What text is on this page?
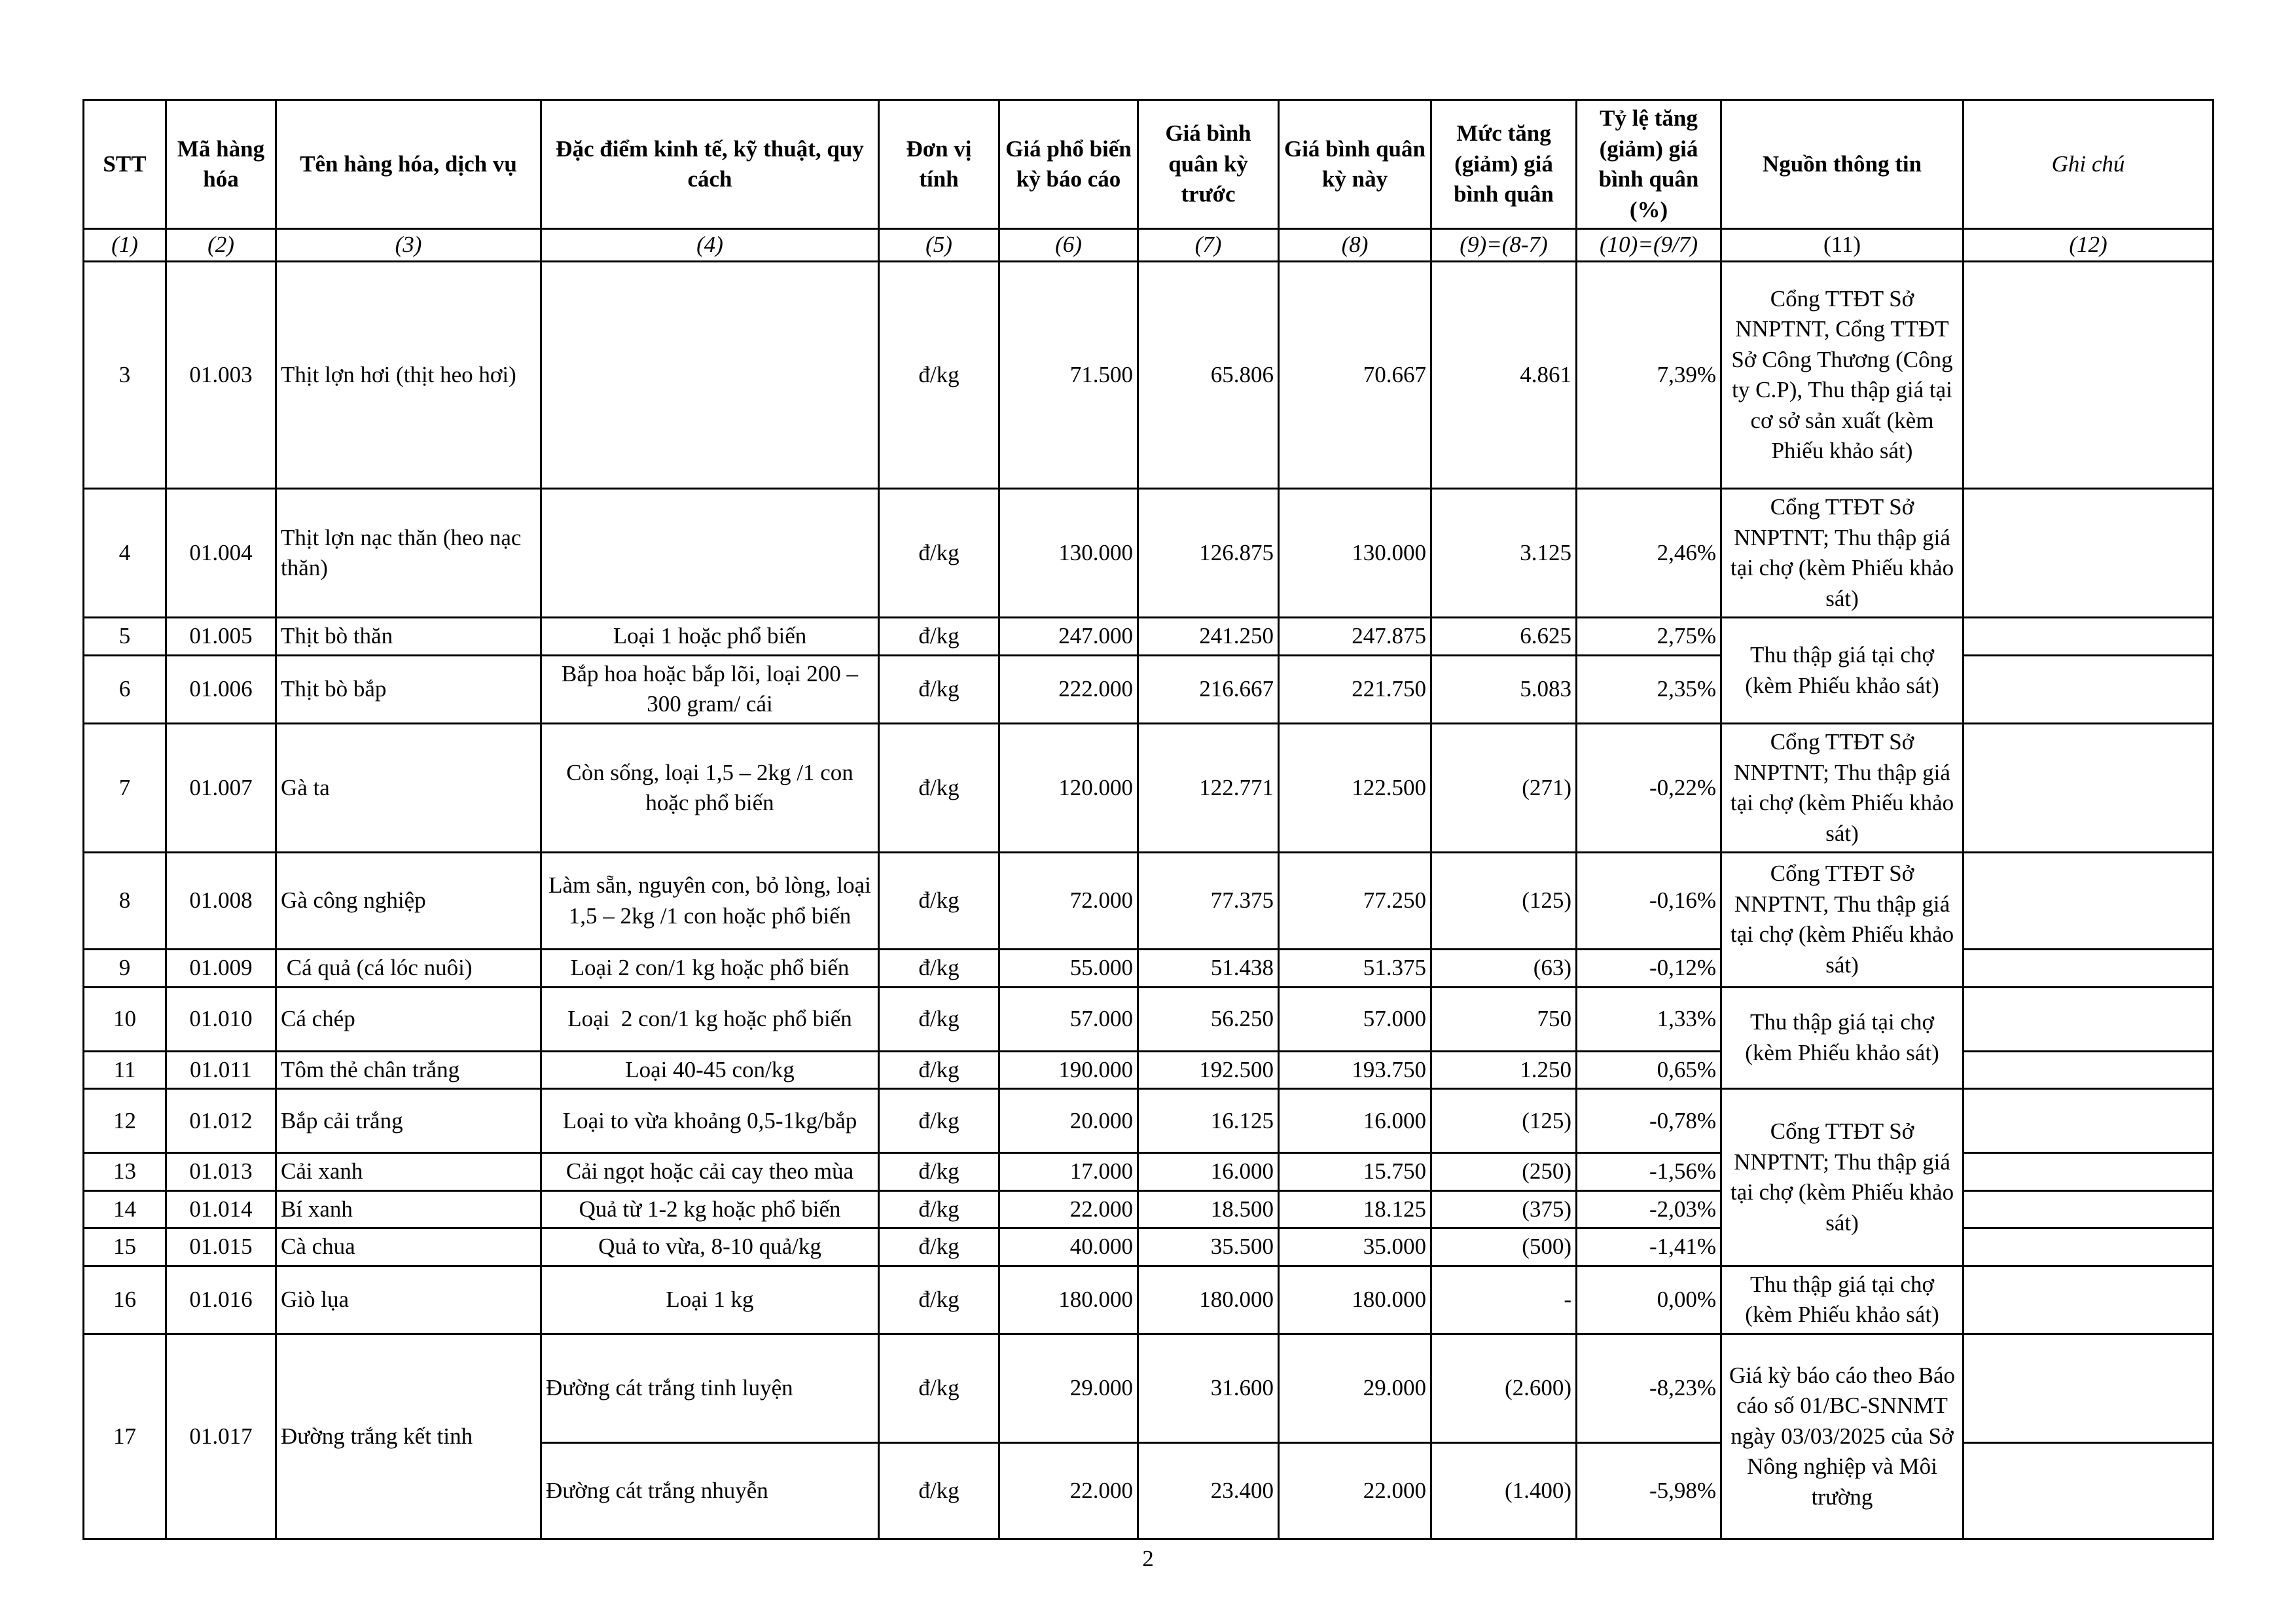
STT	Mã hàng hóa	Tên hàng hóa, dịch vụ	Đặc điểm kinh tế, kỹ thuật, quy cách	Đơn vị tính	Giá phổ biến kỳ báo cáo	Giá bình quân kỳ trước	Giá bình quân kỳ này	Mức tăng (giảm) giá bình quân	Tỷ lệ tăng (giảm) giá bình quân (%)	Nguồn thông tin	Ghi chú
(1)	(2)	(3)	(4)	(5)	(6)	(7)	(8)	(9)=(8-7)	(10)=(9/7)	(11)	(12)
3	01.003	Thịt lợn hơi (thịt heo hơi)		đ/kg	71.500	65.806	70.667	4.861	7,39%	Cổng TTĐT Sở NNPTNT, Cổng TTĐT Sở Công Thương (Công ty C.P), Thu thập giá tại cơ sở sản xuất (kèm Phiếu khảo sát)	
4	01.004	Thịt lợn nạc thăn (heo nạc thăn)		đ/kg	130.000	126.875	130.000	3.125	2,46%	Cổng TTĐT Sở NNPTNT; Thu thập giá tại chợ (kèm Phiếu khảo sát)	
5	01.005	Thịt bò thăn	Loại 1 hoặc phổ biến	đ/kg	247.000	241.250	247.875	6.625	2,75%	Thu thập giá tại chợ (kèm Phiếu khảo sát)	
6	01.006	Thịt bò bắp	Bắp hoa hoặc bắp lõi, loại 200 – 300 gram/ cái	đ/kg	222.000	216.667	221.750	5.083	2,35%		
7	01.007	Gà ta	Còn sống, loại 1,5 – 2kg /1 con hoặc phổ biến	đ/kg	120.000	122.771	122.500	(271)	-0,22%	Cổng TTĐT Sở NNPTNT; Thu thập giá tại chợ (kèm Phiếu khảo sát)	
8	01.008	Gà công nghiệp	Làm sẵn, nguyên con, bỏ lòng, loại 1,5 – 2kg /1 con hoặc phổ biến	đ/kg	72.000	77.375	77.250	(125)	-0,16%	Cổng TTĐT Sở NNPTNT, Thu thập giá tại chợ (kèm Phiếu khảo sát)	
9	01.009	Cá quả (cá lóc nuôi)	Loại 2 con/1 kg hoặc phổ biến	đ/kg	55.000	51.438	51.375	(63)	-0,12%		
10	01.010	Cá chép	Loại  2 con/1 kg hoặc phổ biến	đ/kg	57.000	56.250	57.000	750	1,33%	Thu thập giá tại chợ (kèm Phiếu khảo sát)	
11	01.011	Tôm thẻ chân trắng	Loại 40-45 con/kg	đ/kg	190.000	192.500	193.750	1.250	0,65%		
12	01.012	Bắp cải trắng	Loại to vừa khoảng 0,5-1kg/bắp	đ/kg	20.000	16.125	16.000	(125)	-0,78%	Cổng TTĐT Sở NNPTNT; Thu thập giá tại chợ (kèm Phiếu khảo sát)	
13	01.013	Cải xanh	Cải ngọt hoặc cải cay theo mùa	đ/kg	17.000	16.000	15.750	(250)	-1,56%		
14	01.014	Bí xanh	Quả từ 1-2 kg hoặc phổ biến	đ/kg	22.000	18.500	18.125	(375)	-2,03%		
15	01.015	Cà chua	Quả to vừa, 8-10 quả/kg	đ/kg	40.000	35.500	35.000	(500)	-1,41%		
16	01.016	Giò lụa	Loại 1 kg	đ/kg	180.000	180.000	180.000	-	0,00%	Thu thập giá tại chợ (kèm Phiếu khảo sát)	
17	01.017	Đường trắng kết tinh	Đường cát trắng tinh luyện	đ/kg	29.000	31.600	29.000	(2.600)	-8,23%	Giá kỳ báo cáo theo Báo cáo số 01/BC-SNNMT ngày 03/03/2025 của Sở Nông nghiệp và Môi trường	
			Đường cát trắng nhuyễn	đ/kg	22.000	23.400	22.000	(1.400)	-5,98%		
2
